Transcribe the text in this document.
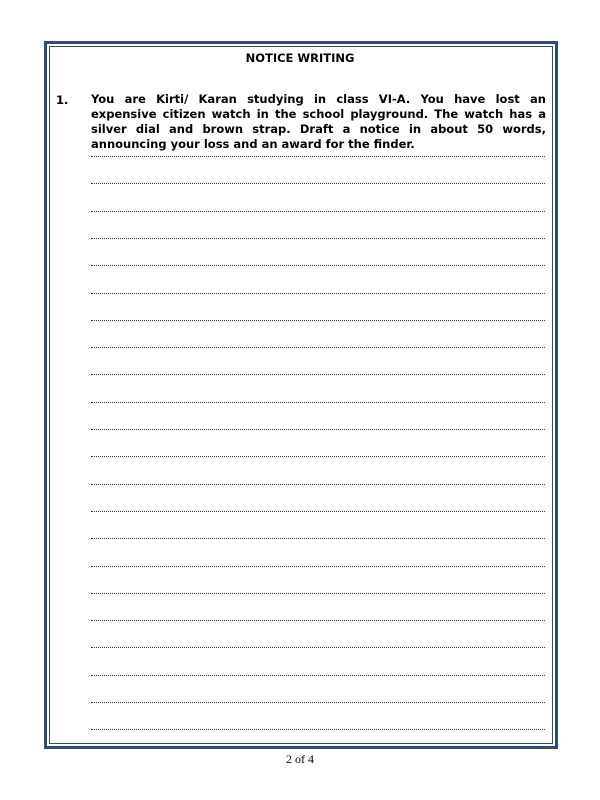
NOTICE WRITING
1. You are Kirti/ Karan studying in class VI-A. You have lost an expensive citizen watch in the school playground. The watch has a silver dial and brown strap. Draft a notice in about 50 words, announcing your loss and an award for the finder.
2 of 4
